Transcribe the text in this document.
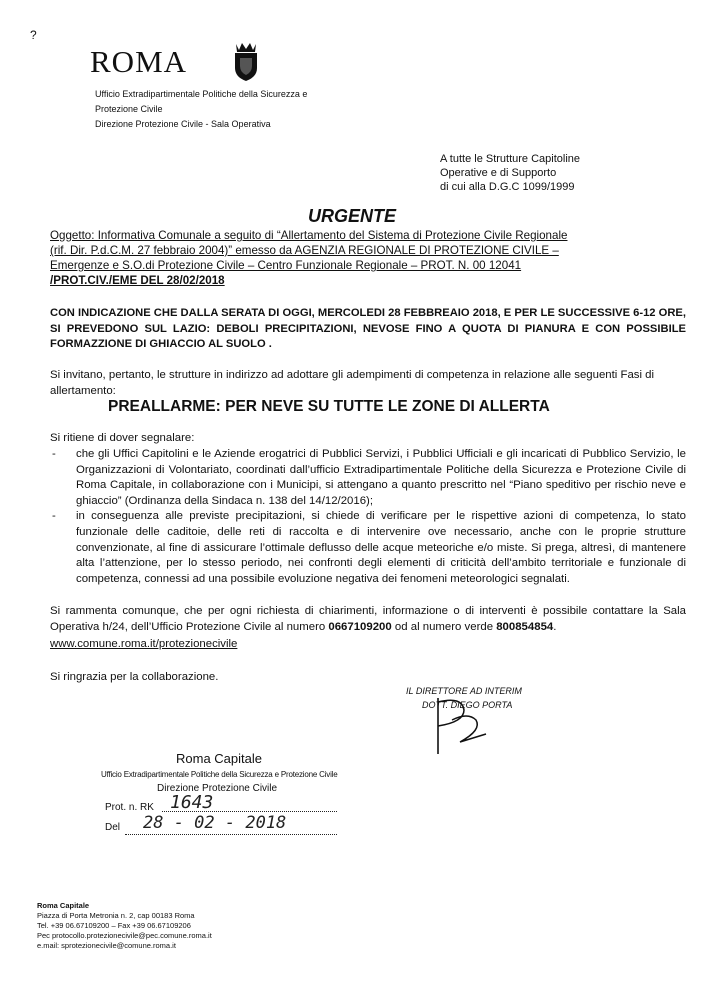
?
ROMA
Ufficio Extradipartimentale Politiche della Sicurezza e
Protezione Civile
Direzione Protezione Civile - Sala Operativa
A tutte le Strutture Capitoline
Operative e di Supporto
di cui alla D.G.C 1099/1999
URGENTE
Oggetto: Informativa Comunale a seguito di “Allertamento del Sistema di Protezione Civile Regionale
(rif. Dir. P.d.C.M. 27 febbraio 2004)” emesso da AGENZIA REGIONALE DI PROTEZIONE CIVILE –
Emergenze e S.O.di Protezione Civile – Centro Funzionale Regionale – PROT. N. 00 12041
/PROT.CIV./EME DEL 28/02/2018
CON INDICAZIONE CHE DALLA SERATA DI OGGI, MERCOLEDI 28 FEBBREAIO 2018, E PER LE SUCCESSIVE 6-12 ORE, SI PREVEDONO SUL LAZIO: DEBOLI PRECIPITAZIONI, NEVOSE FINO A QUOTA DI PIANURA E CON POSSIBILE FORMAZZIONE DI GHIACCIO AL SUOLO .
Si invitano, pertanto, le strutture in indirizzo ad adottare gli adempimenti di competenza in relazione alle seguenti Fasi di allertamento:
PREALLARME: PER NEVE SU TUTTE LE ZONE DI ALLERTA
Si ritiene di dover segnalare:
- che gli Uffici Capitolini e le Aziende erogatrici di Pubblici Servizi, i Pubblici Ufficiali e gli incaricati di Pubblico Servizio, le Organizzazioni di Volontariato, coordinati dall’ufficio Extradipartimentale Politiche della Sicurezza e Protezione Civile di Roma Capitale, in collaborazione con i Municipi, si attengano a quanto prescritto nel “Piano speditivo per rischio neve e ghiaccio” (Ordinanza della Sindaca n. 138 del 14/12/2016);
- in conseguenza alle previste precipitazioni, si chiede di verificare per le rispettive azioni di competenza, lo stato funzionale delle caditoie, delle reti di raccolta e di intervenire ove necessario, anche con le proprie strutture convenzionate, al fine di assicurare l’ottimale deflusso delle acque meteoriche e/o miste. Si prega, altresì, di mantenere alta l’attenzione, per lo stesso periodo, nei confronti degli elementi di criticità dell’ambito territoriale e funzionale di competenza, connessi ad una possibile evoluzione negativa dei fenomeni meteorologici segnalati.
Si rammenta comunque, che per ogni richiesta di chiarimenti, informazione o di interventi è possibile contattare la Sala Operativa h/24, dell’Ufficio Protezione Civile al numero 0667109200 od al numero verde 800854854.
www.comune.roma.it/protezionecivile
Si ringrazia per la collaborazione.
IL DIRETTORE AD INTERIM
DOTT. DIEGO PORTA
Roma Capitale
Ufficio Extradipartimentale Politiche della Sicurezza e Protezione Civile
Direzione Protezione Civile
Prot. n. RK 1643
Del 28 - 02 - 2018
Roma Capitale
Piazza di Porta Metronia n. 2, cap 00183 Roma
Tel. +39 06.67109200 – Fax +39 06.67109206
Pec protocollo.protezionecivile@pec.comune.roma.it
e.mail: sprotezionecivile@comune.roma.it
